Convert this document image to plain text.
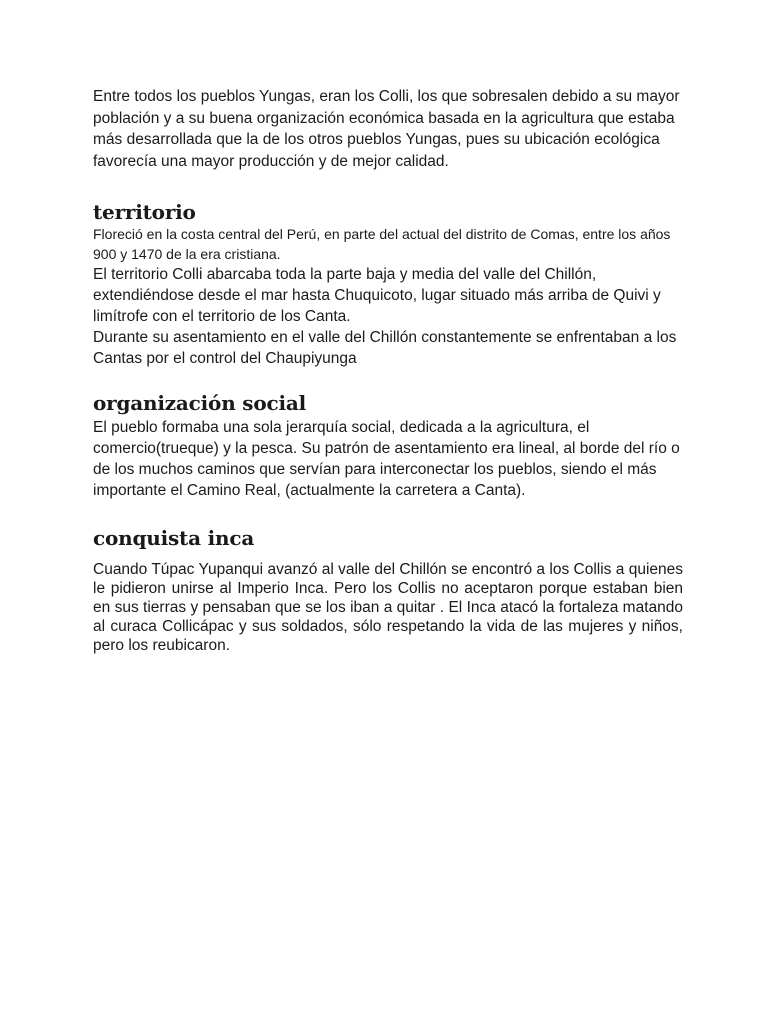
Entre todos los pueblos Yungas, eran los Colli, los que sobresalen debido a su mayor población y a su buena organización económica basada en la agricultura que estaba más desarrollada que la de los otros pueblos Yungas, pues su ubicación ecológica favorecía una mayor producción y de mejor calidad.

territorio

Floreció en la costa central del Perú, en parte del actual del distrito de Comas, entre los años 900 y 1470 de la era cristiana.

El territorio Colli abarcaba toda la parte baja y media del valle del Chillón, extendiéndose desde el mar hasta Chuquicoto, lugar situado más arriba de Quivi y limítrofe con el territorio de los Canta.

Durante su asentamiento en el valle del Chillón constantemente se enfrentaban a los Cantas por el control del Chaupiyunga

organización social

El pueblo formaba una sola jerarquía social, dedicada a la agricultura, el comercio(trueque) y la pesca. Su patrón de asentamiento era lineal, al borde del río o de los muchos caminos que servían para interconectar los pueblos, siendo el más importante el Camino Real, (actualmente la carretera a Canta).

conquista inca

Cuando Túpac Yupanqui avanzó al valle del Chillón se encontró a los Collis a quienes le pidieron unirse al Imperio Inca. Pero los Collis no aceptaron porque estaban bien en sus tierras y pensaban que se los iban a quitar . El Inca atacó la fortaleza matando al curaca Collicápac y sus soldados, sólo respetando la vida de las mujeres y niños, pero los reubicaron.
